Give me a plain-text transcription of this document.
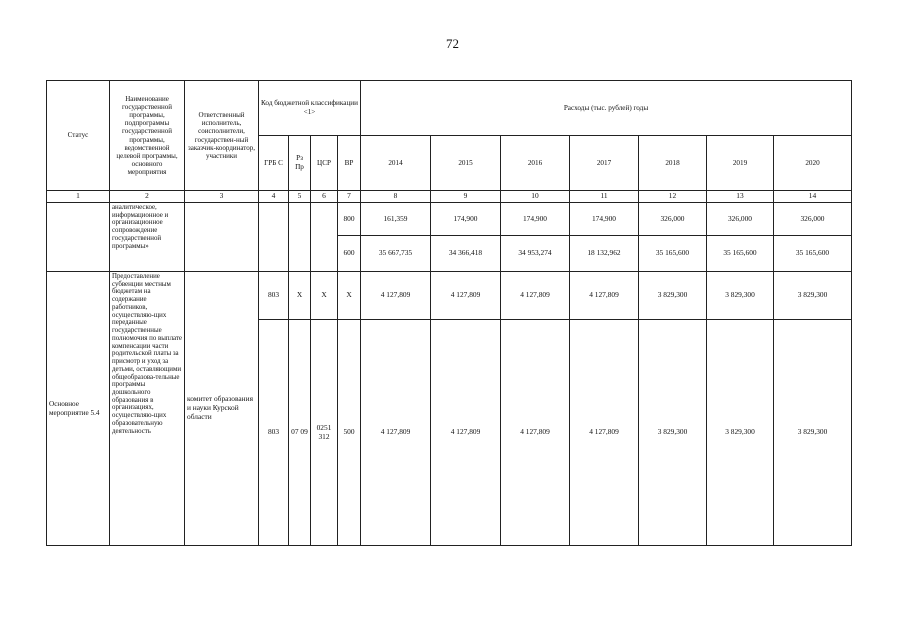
72
Статус	Наименование государственной программы, подпрограммы государственной программы, ведомственной целевой программы, основного мероприятия	Ответственный исполнитель, соисполнители, государствен-ный заказчик-координатор, участники	Код бюджетной классификации <1>				Расходы (тыс. рублей) годы						
			ГРБ С	Рз Пр	ЦСР	ВР	2014	2015	2016	2017	2018	2019	2020
1	2	3	4	5	6	7	8	9	10	11	12	13	14
	аналитическое, информационное и организационное сопровождение государственной программы»					800	161,359	174,900	174,900	174,900	326,000	326,000	326,000
						600	35 667,735	34 366,418	34 953,274	18 132,962	35 165,600	35 165,600	35 165,600
Основное мероприятие 5.4	Предоставление субвенции местным бюджетам на содержание работников, осуществляю-щих переданные государственные полномочия по выплате компенсации части родительской платы за присмотр и уход за детьми, оставляющими общеобразова-тельные программы дошкольного образования в организациях, осуществляю-щих образовательную деятельность	комитет образования и науки Курской области	803	Х	Х	Х	4 127,809	4 127,809	4 127,809	4 127,809	3 829,300	3 829,300	3 829,300
			803	07 09	0251 312	500	4 127,809	4 127,809	4 127,809	4 127,809	3 829,300	3 829,300	3 829,300
